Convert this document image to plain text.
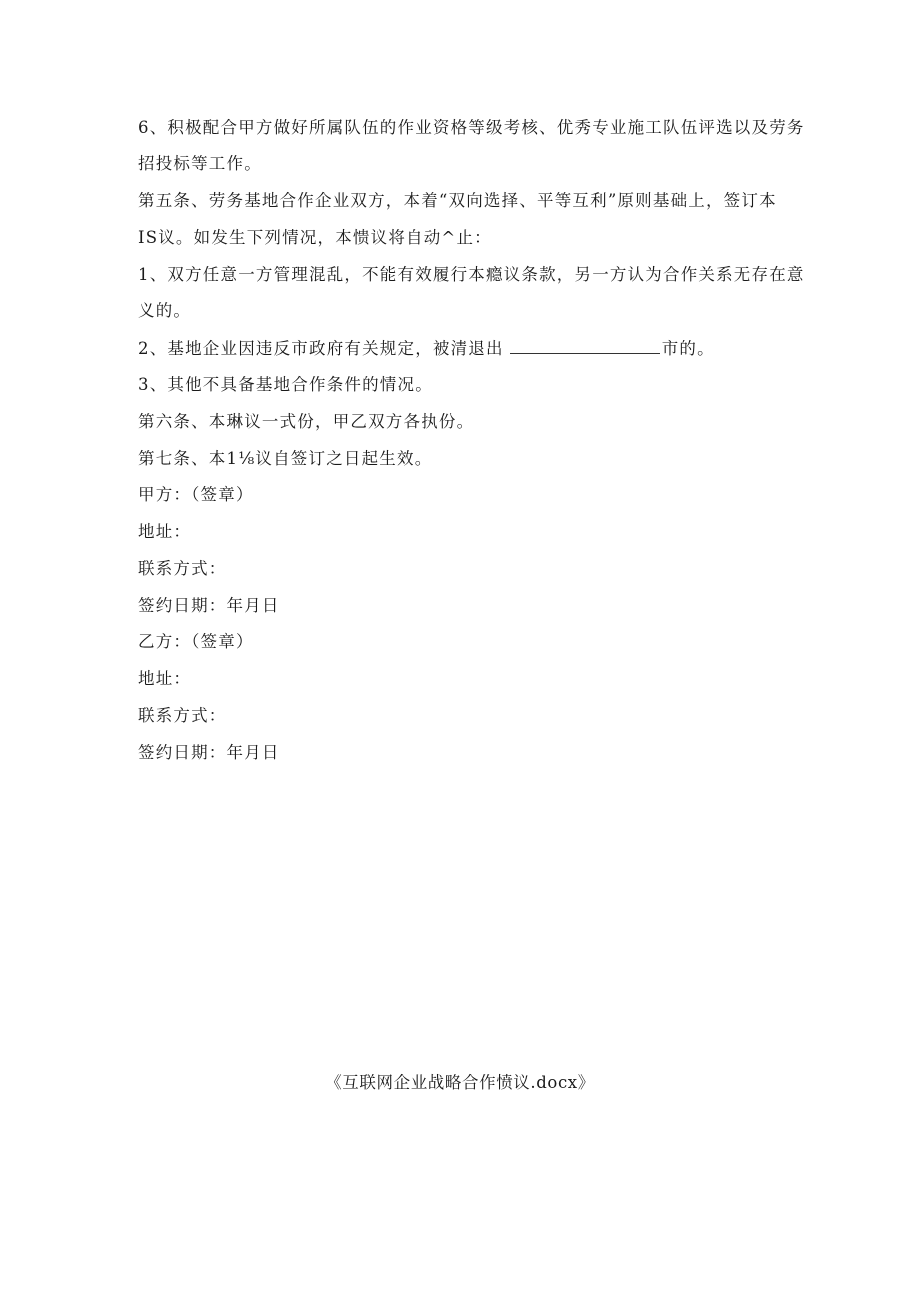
6、积极配合甲方做好所属队伍的作业资格等级考核、优秀专业施工队伍评选以及劳务
招投标等工作。
第五条、劳务基地合作企业双方，本着“双向选择、平等互利”原则基础上，签订本
IS议。如发生下列情况，本愦议将自动^止：
1、双方任意一方管理混乱，不能有效履行本瘾议条款，另一方认为合作关系无存在意
义的。
2、基地企业因违反市政府有关规定，被清退出	市的。
3、其他不具备基地合作条件的情况。
第六条、本琳议一式份，甲乙双方各执份。
第七条、本1⅛议自签订之日起生效。
甲方：（签章）
地址：
联系方式：
签约日期：年月日
乙方：（签章）
地址：
联系方式：
签约日期：年月日
《互联网企业战略合作愤议.docx》
